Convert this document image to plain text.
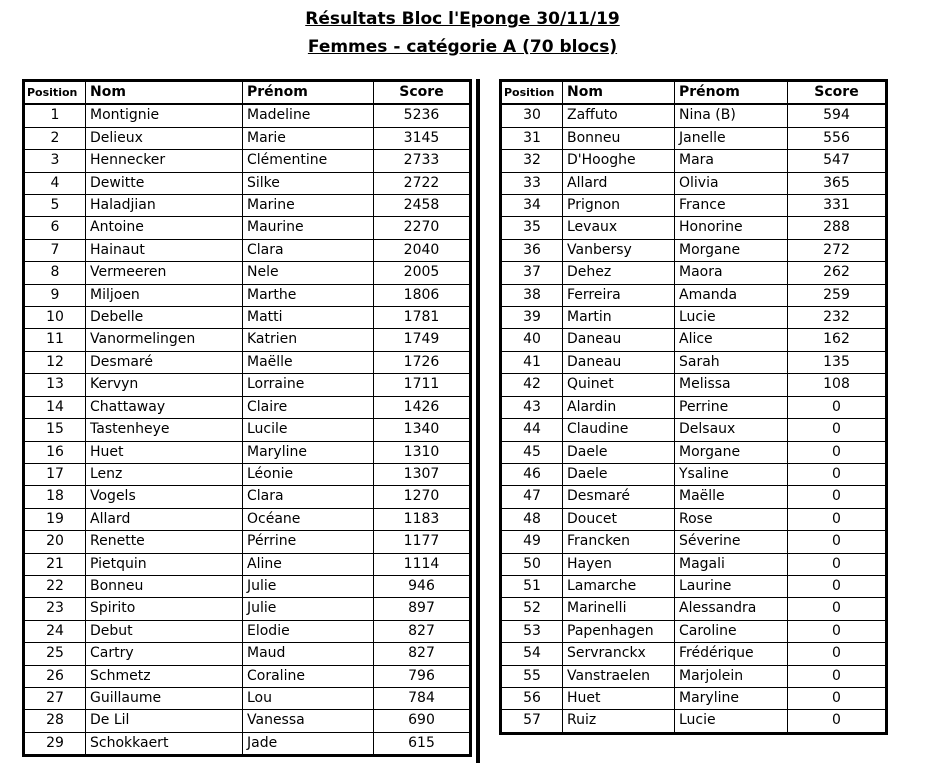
Résultats Bloc l'Eponge 30/11/19
Femmes - catégorie A (70 blocs)
Position	Nom	Prénom	Score
1	Montignie	Madeline	5236
2	Delieux	Marie	3145
3	Hennecker	Clémentine	2733
4	Dewitte	Silke	2722
5	Haladjian	Marine	2458
6	Antoine	Maurine	2270
7	Hainaut	Clara	2040
8	Vermeeren	Nele	2005
9	Miljoen	Marthe	1806
10	Debelle	Matti	1781
11	Vanormelingen	Katrien	1749
12	Desmaré	Maëlle	1726
13	Kervyn	Lorraine	1711
14	Chattaway	Claire	1426
15	Tastenheye	Lucile	1340
16	Huet	Maryline	1310
17	Lenz	Léonie	1307
18	Vogels	Clara	1270
19	Allard	Océane	1183
20	Renette	Pérrine	1177
21	Pietquin	Aline	1114
22	Bonneu	Julie	946
23	Spirito	Julie	897
24	Debut	Elodie	827
25	Cartry	Maud	827
26	Schmetz	Coraline	796
27	Guillaume	Lou	784
28	De Lil	Vanessa	690
29	Schokkaert	Jade	615
Position	Nom	Prénom	Score
30	Zaffuto	Nina (B)	594
31	Bonneu	Janelle	556
32	D'Hooghe	Mara	547
33	Allard	Olivia	365
34	Prignon	France	331
35	Levaux	Honorine	288
36	Vanbersy	Morgane	272
37	Dehez	Maora	262
38	Ferreira	Amanda	259
39	Martin	Lucie	232
40	Daneau	Alice	162
41	Daneau	Sarah	135
42	Quinet	Melissa	108
43	Alardin	Perrine	0
44	Claudine	Delsaux	0
45	Daele	Morgane	0
46	Daele	Ysaline	0
47	Desmaré	Maëlle	0
48	Doucet	Rose	0
49	Francken	Séverine	0
50	Hayen	Magali	0
51	Lamarche	Laurine	0
52	Marinelli	Alessandra	0
53	Papenhagen	Caroline	0
54	Servranckx	Frédérique	0
55	Vanstraelen	Marjolein	0
56	Huet	Maryline	0
57	Ruiz	Lucie	0
